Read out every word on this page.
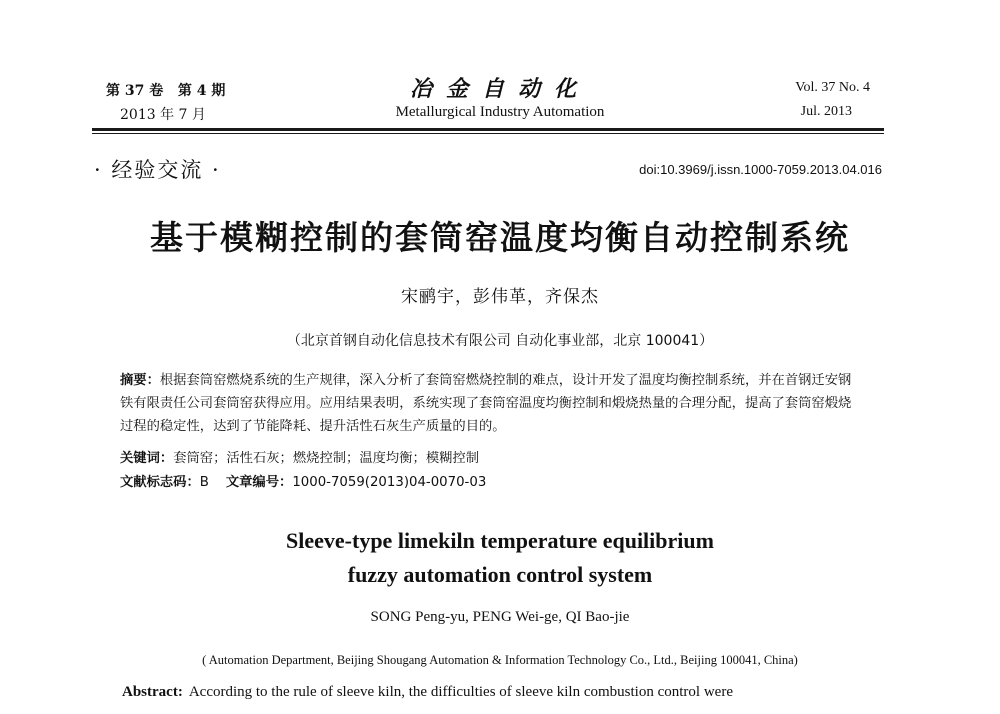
第 37 卷   第 4 期
2013 年 7 月
冶金自动化
Metallurgical Industry Automation
Vol. 37 No. 4
Jul. 2013
· 经验交流 ·	doi:10.3969/j.issn.1000-7059.2013.04.016
基于模糊控制的套筒窑温度均衡自动控制系统
宋鹂宇，彭伟革，齐保杰
（北京首钢自动化信息技术有限公司 自动化事业部，北京 100041）
摘要：根据套筒窑燃烧系统的生产规律，深入分析了套筒窑燃烧控制的难点，设计开发了温度均衡控制系统，并在首钢迁安钢铁有限责任公司套筒窑获得应用。应用结果表明，系统实现了套筒窑温度均衡控制和煅烧热量的合理分配，提高了套筒窑煅烧过程的稳定性，达到了节能降耗、提升活性石灰生产质量的目的。
关键词：套筒窑；活性石灰；燃烧控制；温度均衡；模糊控制
文献标志码：B 文章编号：1000-7059(2013)04-0070-03
Sleeve-type limekiln temperature equilibrium
fuzzy automation control system
SONG Peng-yu, PENG Wei-ge, QI Bao-jie
( Automation Department, Beijing Shougang Automation & Information Technology Co., Ltd., Beijing 100041, China)
Abstract: According to the rule of sleeve kiln, the difficulties of sleeve kiln combustion control were
